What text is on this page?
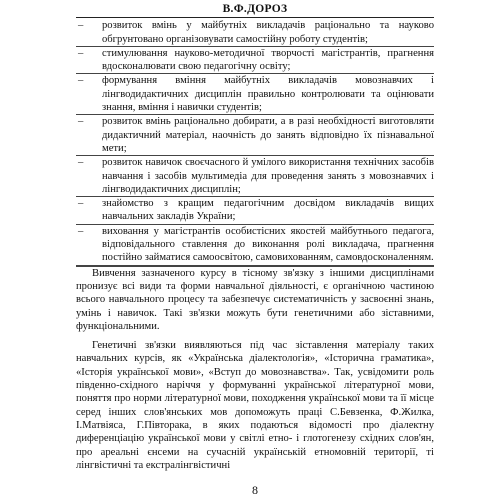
В.Ф.ДОРОЗ
–	розвиток вмінь у майбутніх викладачів раціонально та науково обгрунтовано організовувати самостійну роботу студентів;
–	стимулювання науково-методичної творчості магістрантів, прагнення вдосконалювати свою педагогічну освіту;
–	формування вміння майбутніх викладачів мовознавчих і лінгводидактичних дисциплін правильно контролювати та оцінювати знання, вміння і навички студентів;
–	розвиток вмінь раціонально добирати, а в разі необхідності виготовляти дидактичний матеріал, наочність до занять відповідно їх пізнавальної мети;
–	розвиток навичок своєчасного й умілого використання технічних засобів навчання і засобів мультимедіа для проведення занять з мовознавчих і лінгводидактичних дисциплін;
–	знайомство з кращим педагогічним досвідом викладачів вищих навчальних закладів України;
–	виховання у магістрантів особистісних якостей майбутнього педагога, відповідального ставлення до виконання ролі викладача, прагнення постійно займатися самоосвітою, самовихованням, самовдосконаленням.

Вивчення зазначеного курсу в тісному зв'язку з іншими дисциплінами пронизує всі види та форми навчальної діяльності, є органічною частиною всього навчального процесу та забезпечує систематичність у засвоєнні знань, умінь і навичок. Такі зв'язки можуть бути генетичними або зіставними, функціональними.

Генетичні зв'язки виявляються під час зіставлення матеріалу таких навчальних курсів, як «Українська діалектологія», «Історична граматика», «Історія української мови», «Вступ до мовознавства». Так, усвідомити роль південно-східного наріччя у формуванні української літературної мови, поняття про норми літературної мови, походження української мови та її місце серед інших слов'янських мов допоможуть праці С.Бевзенка, Ф.Жилка, І.Матвіяса, Г.Півторака, в яких подаються відомості про діалектну диференціацію української мови у світлі етно- і глотогенезу східних слов'ян, про ареальні єнсеми на сучасній українській етномовній території, ті лінгвістичні та екстралінгвістичні

8
